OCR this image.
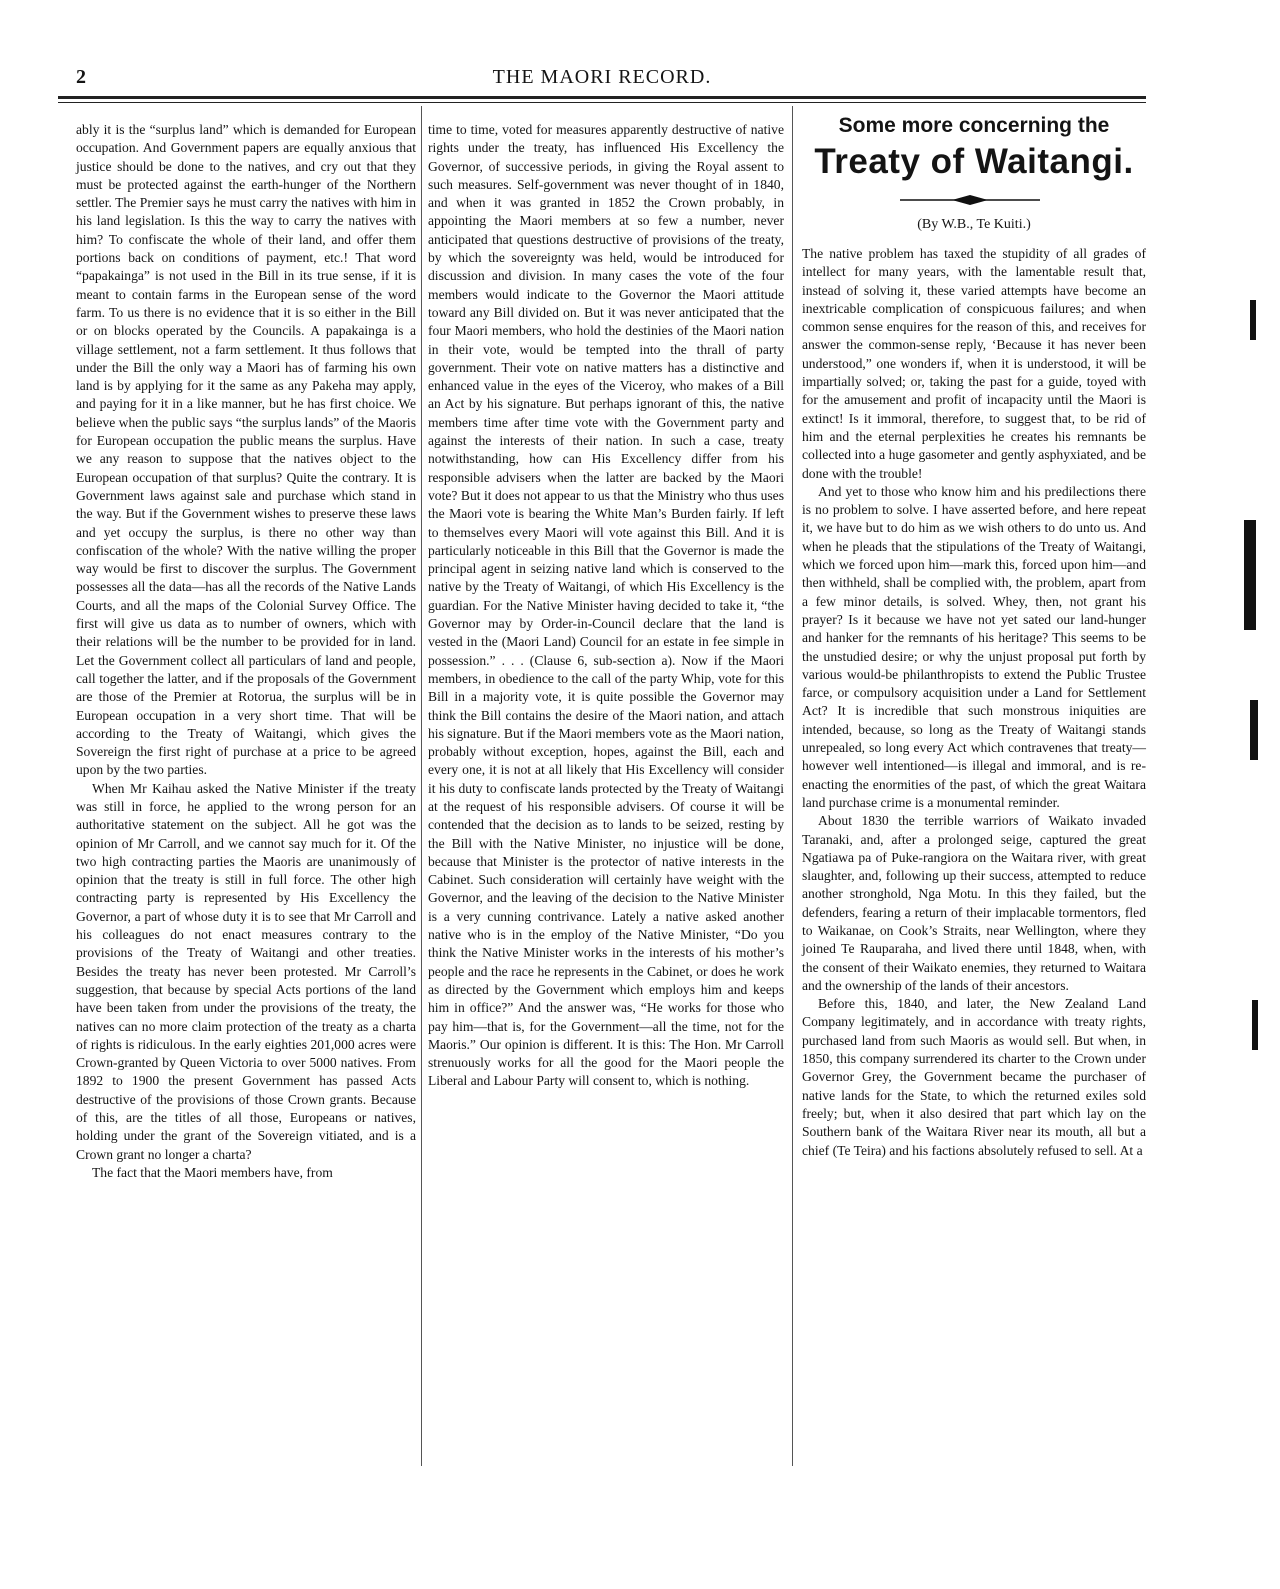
2	THE MAORI RECORD.

ably it is the “surplus land” which is demanded for European occupation. And Government papers are equally anxious that justice should be done to the natives, and cry out that they must be protected against the earth-hunger of the Northern settler. The Premier says he must carry the natives with him in his land legislation. Is this the way to carry the natives with him? To confiscate the whole of their land, and offer them portions back on conditions of payment, etc.! That word “papakainga” is not used in the Bill in its true sense, if it is meant to contain farms in the European sense of the word farm. To us there is no evidence that it is so either in the Bill or on blocks operated by the Councils. A papakainga is a village settlement, not a farm settlement. It thus follows that under the Bill the only way a Maori has of farming his own land is by applying for it the same as any Pakeha may apply, and paying for it in a like manner, but he has first choice. We believe when the public says “the surplus lands” of the Maoris for European occupation the public means the surplus. Have we any reason to suppose that the natives object to the European occupation of that surplus? Quite the contrary. It is Government laws against sale and purchase which stand in the way. But if the Government wishes to preserve these laws and yet occupy the surplus, is there no other way than confiscation of the whole? With the native willing the proper way would be first to discover the surplus. The Government possesses all the data—has all the records of the Native Lands Courts, and all the maps of the Colonial Survey Office. The first will give us data as to number of owners, which with their relations will be the number to be provided for in land. Let the Government collect all particulars of land and people, call together the latter, and if the proposals of the Government are those of the Premier at Rotorua, the surplus will be in European occupation in a very short time. That will be according to the Treaty of Waitangi, which gives the Sovereign the first right of purchase at a price to be agreed upon by the two parties.

When Mr Kaihau asked the Native Minister if the treaty was still in force, he applied to the wrong person for an authoritative statement on the subject. All he got was the opinion of Mr Carroll, and we cannot say much for it. Of the two high contracting parties the Maoris are unanimously of opinion that the treaty is still in full force. The other high contracting party is represented by His Excellency the Governor, a part of whose duty it is to see that Mr Carroll and his colleagues do not enact measures contrary to the provisions of the Treaty of Waitangi and other treaties. Besides the treaty has never been protested. Mr Carroll’s suggestion, that because by special Acts portions of the land have been taken from under the provisions of the treaty, the natives can no more claim protection of the treaty as a charta of rights is ridiculous. In the early eighties 201,000 acres were Crown-granted by Queen Victoria to over 5000 natives. From 1892 to 1900 the present Government has passed Acts destructive of the provisions of those Crown grants. Because of this, are the titles of all those, Europeans or natives, holding under the grant of the Sovereign vitiated, and is a Crown grant no longer a charta?

The fact that the Maori members have, from

time to time, voted for measures apparently destructive of native rights under the treaty, has influenced His Excellency the Governor, of successive periods, in giving the Royal assent to such measures. Self-government was never thought of in 1840, and when it was granted in 1852 the Crown probably, in appointing the Maori members at so few a number, never anticipated that questions destructive of provisions of the treaty, by which the sovereignty was held, would be introduced for discussion and division. In many cases the vote of the four members would indicate to the Governor the Maori attitude toward any Bill divided on. But it was never anticipated that the four Maori members, who hold the destinies of the Maori nation in their vote, would be tempted into the thrall of party government. Their vote on native matters has a distinctive and enhanced value in the eyes of the Viceroy, who makes of a Bill an Act by his signature. But perhaps ignorant of this, the native members time after time vote with the Government party and against the interests of their nation. In such a case, treaty notwithstanding, how can His Excellency differ from his responsible advisers when the latter are backed by the Maori vote? But it does not appear to us that the Ministry who thus uses the Maori vote is bearing the White Man’s Burden fairly. If left to themselves every Maori will vote against this Bill. And it is particularly noticeable in this Bill that the Governor is made the principal agent in seizing native land which is conserved to the native by the Treaty of Waitangi, of which His Excellency is the guardian. For the Native Minister having decided to take it, “the Governor may by Order-in-Council declare that the land is vested in the (Maori Land) Council for an estate in fee simple in possession.” . . . (Clause 6, sub-section a). Now if the Maori members, in obedience to the call of the party Whip, vote for this Bill in a majority vote, it is quite possible the Governor may think the Bill contains the desire of the Maori nation, and attach his signature. But if the Maori members vote as the Maori nation, probably without exception, hopes, against the Bill, each and every one, it is not at all likely that His Excellency will consider it his duty to confiscate lands protected by the Treaty of Waitangi at the request of his responsible advisers. Of course it will be contended that the decision as to lands to be seized, resting by the Bill with the Native Minister, no injustice will be done, because that Minister is the protector of native interests in the Cabinet. Such consideration will certainly have weight with the Governor, and the leaving of the decision to the Native Minister is a very cunning contrivance. Lately a native asked another native who is in the employ of the Native Minister, “Do you think the Native Minister works in the interests of his mother’s people and the race he represents in the Cabinet, or does he work as directed by the Government which employs him and keeps him in office?” And the answer was, “He works for those who pay him—that is, for the Government—all the time, not for the Maoris.” Our opinion is different. It is this: The Hon. Mr Carroll strenuously works for all the good for the Maori people the Liberal and Labour Party will consent to, which is nothing.

Some more concerning the
Treaty of Waitangi.
(By W.B., Te Kuiti.)

The native problem has taxed the stupidity of all grades of intellect for many years, with the lamentable result that, instead of solving it, these varied attempts have become an inextricable complication of conspicuous failures; and when common sense enquires for the reason of this, and receives for answer the common-sense reply, ‘Because it has never been understood,” one wonders if, when it is understood, it will be impartially solved; or, taking the past for a guide, toyed with for the amusement and profit of incapacity until the Maori is extinct! Is it immoral, therefore, to suggest that, to be rid of him and the eternal perplexities he creates his remnants be collected into a huge gasometer and gently asphyxiated, and be done with the trouble!

And yet to those who know him and his predilections there is no problem to solve. I have asserted before, and here repeat it, we have but to do him as we wish others to do unto us. And when he pleads that the stipulations of the Treaty of Waitangi, which we forced upon him—mark this, forced upon him—and then withheld, shall be complied with, the problem, apart from a few minor details, is solved. Whey, then, not grant his prayer? Is it because we have not yet sated our land-hunger and hanker for the remnants of his heritage? This seems to be the unstudied desire; or why the unjust proposal put forth by various would-be philanthropists to extend the Public Trustee farce, or compulsory acquisition under a Land for Settlement Act? It is incredible that such monstrous iniquities are intended, because, so long as the Treaty of Waitangi stands unrepealed, so long every Act which contravenes that treaty—however well intentioned—is illegal and immoral, and is re-enacting the enormities of the past, of which the great Waitara land purchase crime is a monumental reminder.

About 1830 the terrible warriors of Waikato invaded Taranaki, and, after a prolonged seige, captured the great Ngatiawa pa of Puke-rangiora on the Waitara river, with great slaughter, and, following up their success, attempted to reduce another stronghold, Nga Motu. In this they failed, but the defenders, fearing a return of their implacable tormentors, fled to Waikanae, on Cook’s Straits, near Wellington, where they joined Te Rauparaha, and lived there until 1848, when, with the consent of their Waikato enemies, they returned to Waitara and the ownership of the lands of their ancestors.

Before this, 1840, and later, the New Zealand Land Company legitimately, and in accordance with treaty rights, purchased land from such Maoris as would sell. But when, in 1850, this company surrendered its charter to the Crown under Governor Grey, the Government became the purchaser of native lands for the State, to which the returned exiles sold freely; but, when it also desired that part which lay on the Southern bank of the Waitara River near its mouth, all but a chief (Te Teira) and his factions absolutely refused to sell. At a
